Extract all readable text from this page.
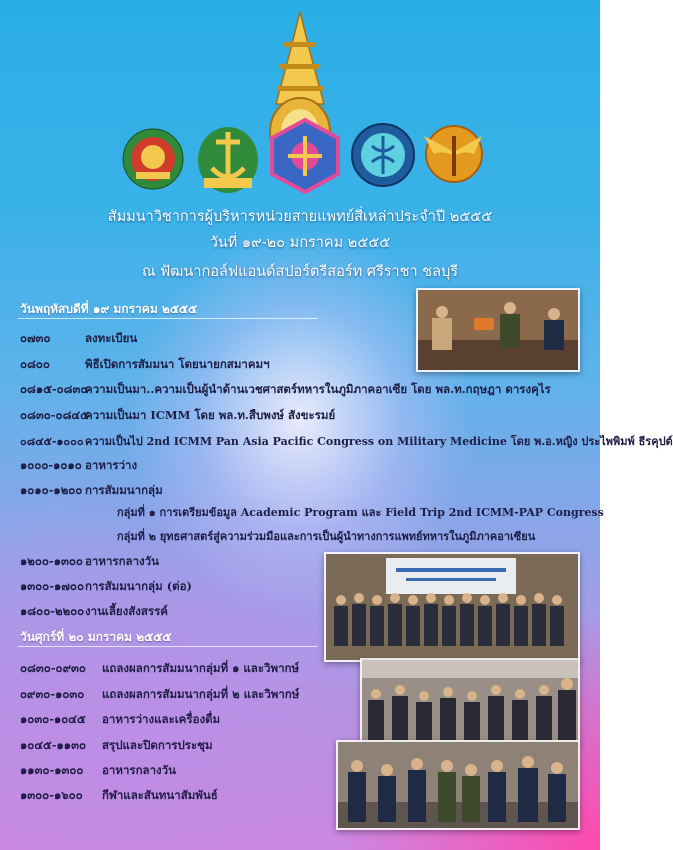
สัมมนาวิชาการผู้บริหารหน่วยสายแพทย์สี่เหล่าประจำปี ๒๕๕๕
วันที่ ๑๙-๒๐ มกราคม ๒๕๕๕
ณ ฟัฒนากอล์ฟแอนด์สปอร์ตรีสอร์ท ศรีราชา ชลบุรี
วันพฤหัสบดีที่ ๑๙ มกราคม ๒๕๕๕
๐๗๓๐	ลงทะเบียน
๐๘๐๐	พิธีเปิดการสัมมนา โดยนายกสมาคมฯ
๐๘๑๕-๐๘๓๐ความเป็นมา..ความเป็นผู้นำด้านเวชศาสตร์ทหารในภูมิภาคอาเซีย โดย พล.ท.กฤษฎา ดารงคุไร
๐๘๓๐-๐๘๔๕ความเป็นมา ICMM โดย พล.ท.สืบพงษ์ สังขะรมย์
๐๘๔๕-๑๐๐๐ความเป็นไป 2nd ICMM Pan Asia Pacific Congress on Military Medicine โดย พ.อ.หญิง ประไพพิมพ์ ธีรคุปต์
๑๐๐๐-๑๐๑๐ อาหารว่าง
๑๐๑๐-๑๒๐๐ การสัมมนากลุ่ม
กลุ่มที่ ๑ การเตรียมข้อมูล Academic Program และ Field Trip 2nd ICMM-PAP Congress
กลุ่มที่ ๒ ยุทธศาสตร์สู่ความร่วมมือและการเป็นผู้นำทางการแพทย์ทหารในภูมิภาคอาเซียน
๑๒๐๐-๑๓๐๐ อาหารกลางวัน
๑๓๐๐-๑๗๐๐การสัมมนากลุ่ม (ต่อ)
๑๘๐๐-๒๒๐๐งานเลี้ยงสังสรรค์
วันศุกร์ที่ ๒๐ มกราคม ๒๕๕๕
๐๘๓๐-๐๙๓๐ แถลงผลการสัมมนากลุ่มที่ ๑ และวิพากษ์
๐๙๓๐-๑๐๓๐ แถลงผลการสัมมนากลุ่มที่ ๒ และวิพากษ์
๑๐๓๐-๑๐๔๕ อาหารว่างและเครื่องดื่ม
๑๐๔๕-๑๑๓๐ สรุปและปิดการประชุม
๑๑๓๐-๑๓๐๐ อาหารกลางวัน
๑๓๐๐-๑๖๐๐ กีฬาและสันทนาสัมพันธ์
